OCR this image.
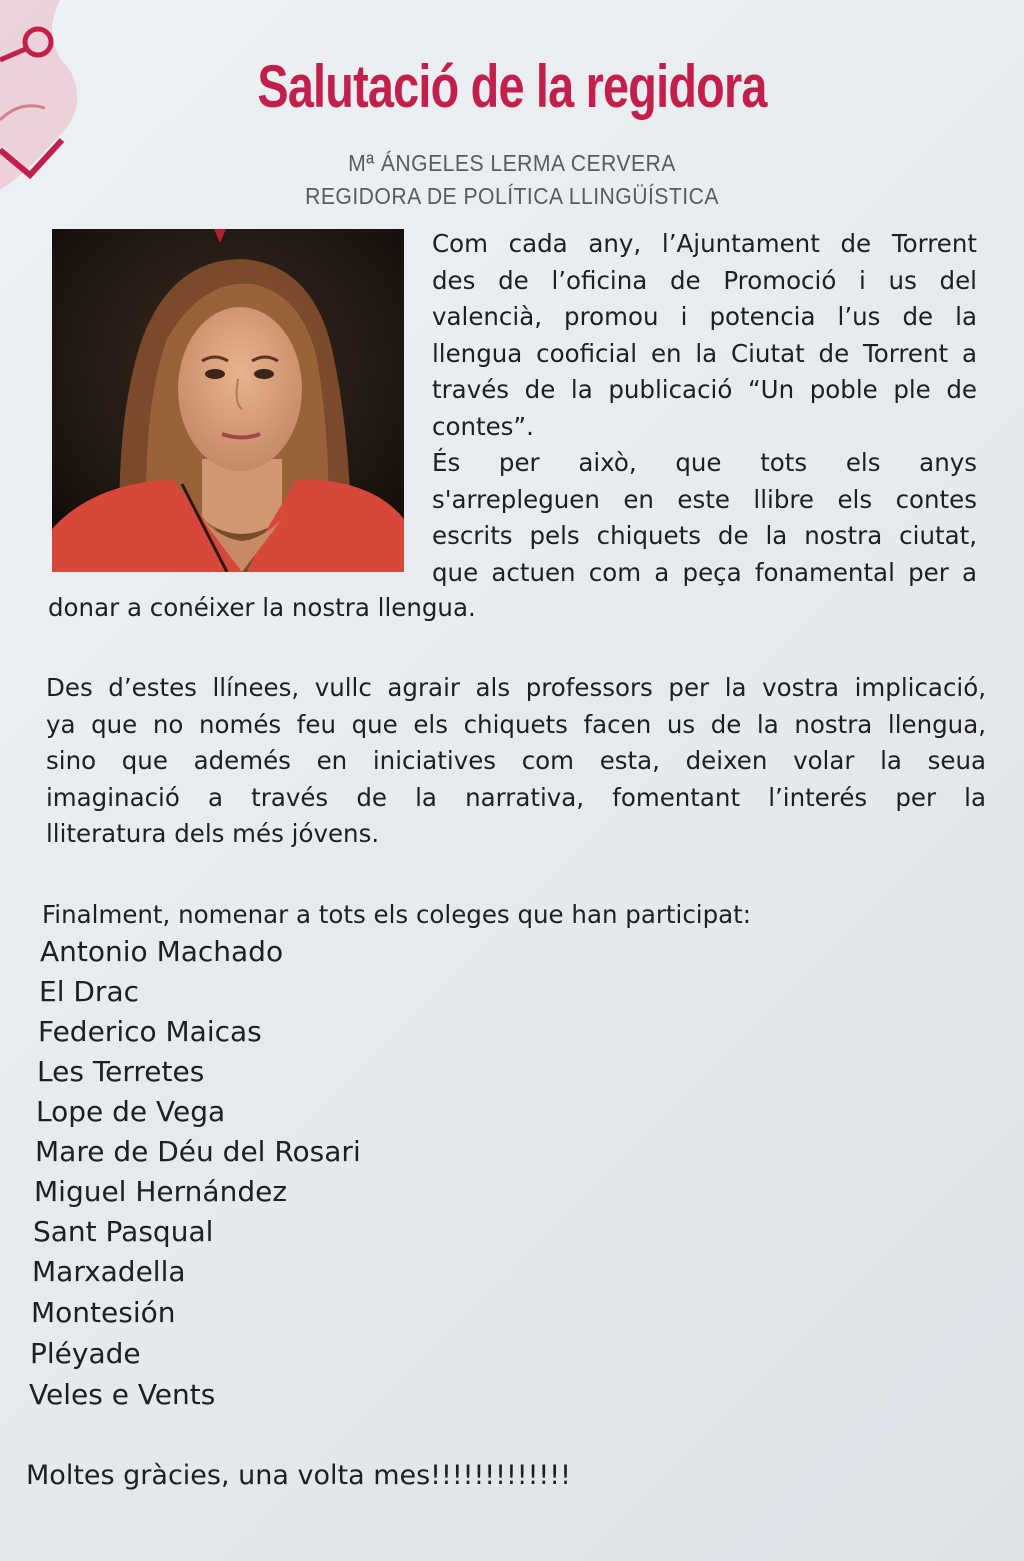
Salutació de la regidora
Mª ÁNGELES LERMA CERVERA
REGIDORA DE POLÍTICA LLINGÜÍSTICA
Com cada any, l’Ajuntament de Torrent
des de l’oficina de Promoció i us del
valencià, promou i potencia l’us de la
llengua cooficial en la Ciutat de Torrent a
través de la publicació “Un poble ple de
contes”.
És per això, que tots els anys
s'arrepleguen en este llibre els contes
escrits pels chiquets de la nostra ciutat,
que actuen com a peça fonamental per a
donar a conéixer la nostra llengua.
Des d’estes llínees, vullc agrair als professors per la vostra implicació,
ya que no només feu que els chiquets facen us de la nostra llengua,
sino que ademés en iniciatives com esta, deixen volar la seua
imaginació a través de la narrativa, fomentant l’interés per la
lliteratura dels més jóvens.
Finalment, nomenar a tots els coleges que han participat:
Antonio Machado
El Drac
Federico Maicas
Les Terretes
Lope de Vega
Mare de Déu del Rosari
Miguel Hernández
Sant Pasqual
Marxadella
Montesión
Pléyade
Veles e Vents
Moltes gràcies, una volta mes!!!!!!!!!!!!!
